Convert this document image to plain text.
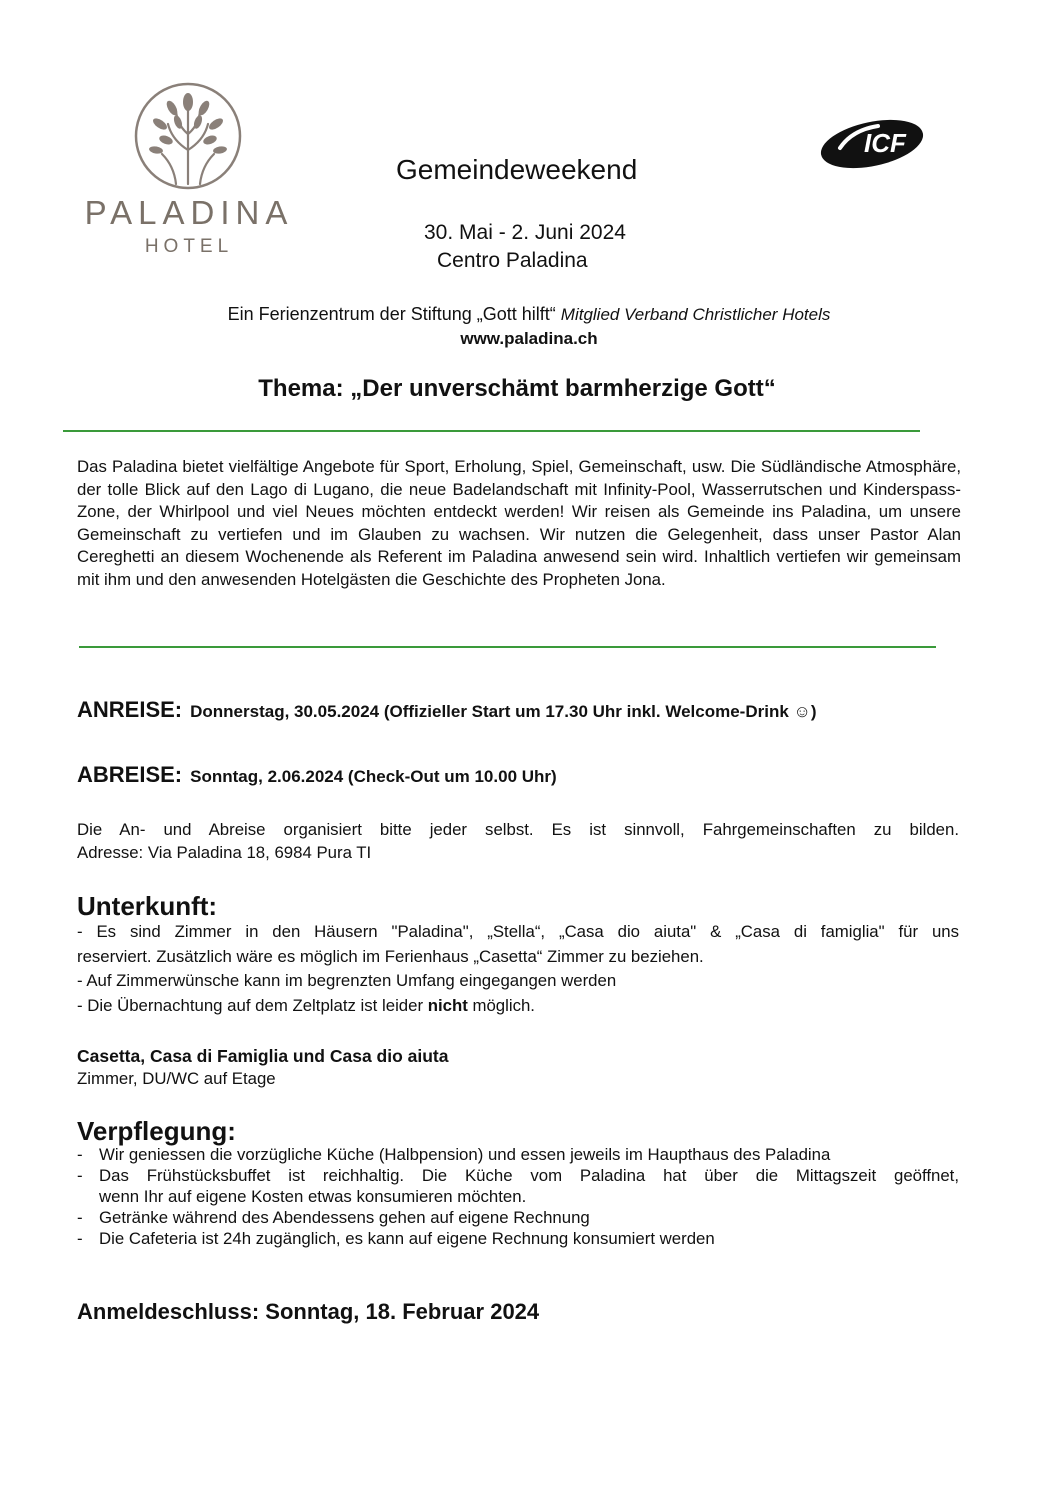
PALADINA
HOTEL
ICF
Gemeindeweekend
30. Mai - 2. Juni 2024
Centro Paladina
Ein Ferienzentrum der Stiftung „Gott hilft“ Mitglied Verband Christlicher Hotels
www.paladina.ch
Thema: „Der unverschämt barmherzige Gott“
Das Paladina bietet vielfältige Angebote für Sport, Erholung, Spiel, Gemeinschaft, usw. Die Südländische Atmosphäre, der tolle Blick auf den Lago di Lugano, die neue Badelandschaft mit Infinity-Pool, Wasserrutschen und Kinderspass-Zone, der Whirlpool und viel Neues möchten entdeckt werden! Wir reisen als Gemeinde ins Paladina, um unsere Gemeinschaft zu vertiefen und im Glauben zu wachsen. Wir nutzen die Gelegenheit, dass unser Pastor Alan Cereghetti an diesem Wochenende als Referent im Paladina anwesend sein wird. Inhaltlich vertiefen wir gemeinsam mit ihm und den anwesenden Hotelgästen die Geschichte des Propheten Jona.
ANREISE: Donnerstag, 30.05.2024 (Offizieller Start um 17.30 Uhr inkl. Welcome-Drink ☺)
ABREISE: Sonntag, 2.06.2024 (Check-Out um 10.00 Uhr)
Die An- und Abreise organisiert bitte jeder selbst. Es ist sinnvoll, Fahrgemeinschaften zu bilden.
Adresse: Via Paladina 18, 6984 Pura TI
Unterkunft:
- Es sind Zimmer in den Häusern "Paladina", „Stella“, „Casa dio aiuta" & „Casa di famiglia" für uns
reserviert. Zusätzlich wäre es möglich im Ferienhaus „Casetta“ Zimmer zu beziehen.
- Auf Zimmerwünsche kann im begrenzten Umfang eingegangen werden
- Die Übernachtung auf dem Zeltplatz ist leider nicht möglich.
Casetta, Casa di Famiglia und Casa dio aiuta
Zimmer, DU/WC auf Etage
Verpflegung:
- Wir geniessen die vorzügliche Küche (Halbpension) und essen jeweils im Haupthaus des Paladina
- Das Frühstücksbuffet ist reichhaltig. Die Küche vom Paladina hat über die Mittagszeit geöffnet,
wenn Ihr auf eigene Kosten etwas konsumieren möchten.
- Getränke während des Abendessens gehen auf eigene Rechnung
- Die Cafeteria ist 24h zugänglich, es kann auf eigene Rechnung konsumiert werden
Anmeldeschluss: Sonntag, 18. Februar 2024
